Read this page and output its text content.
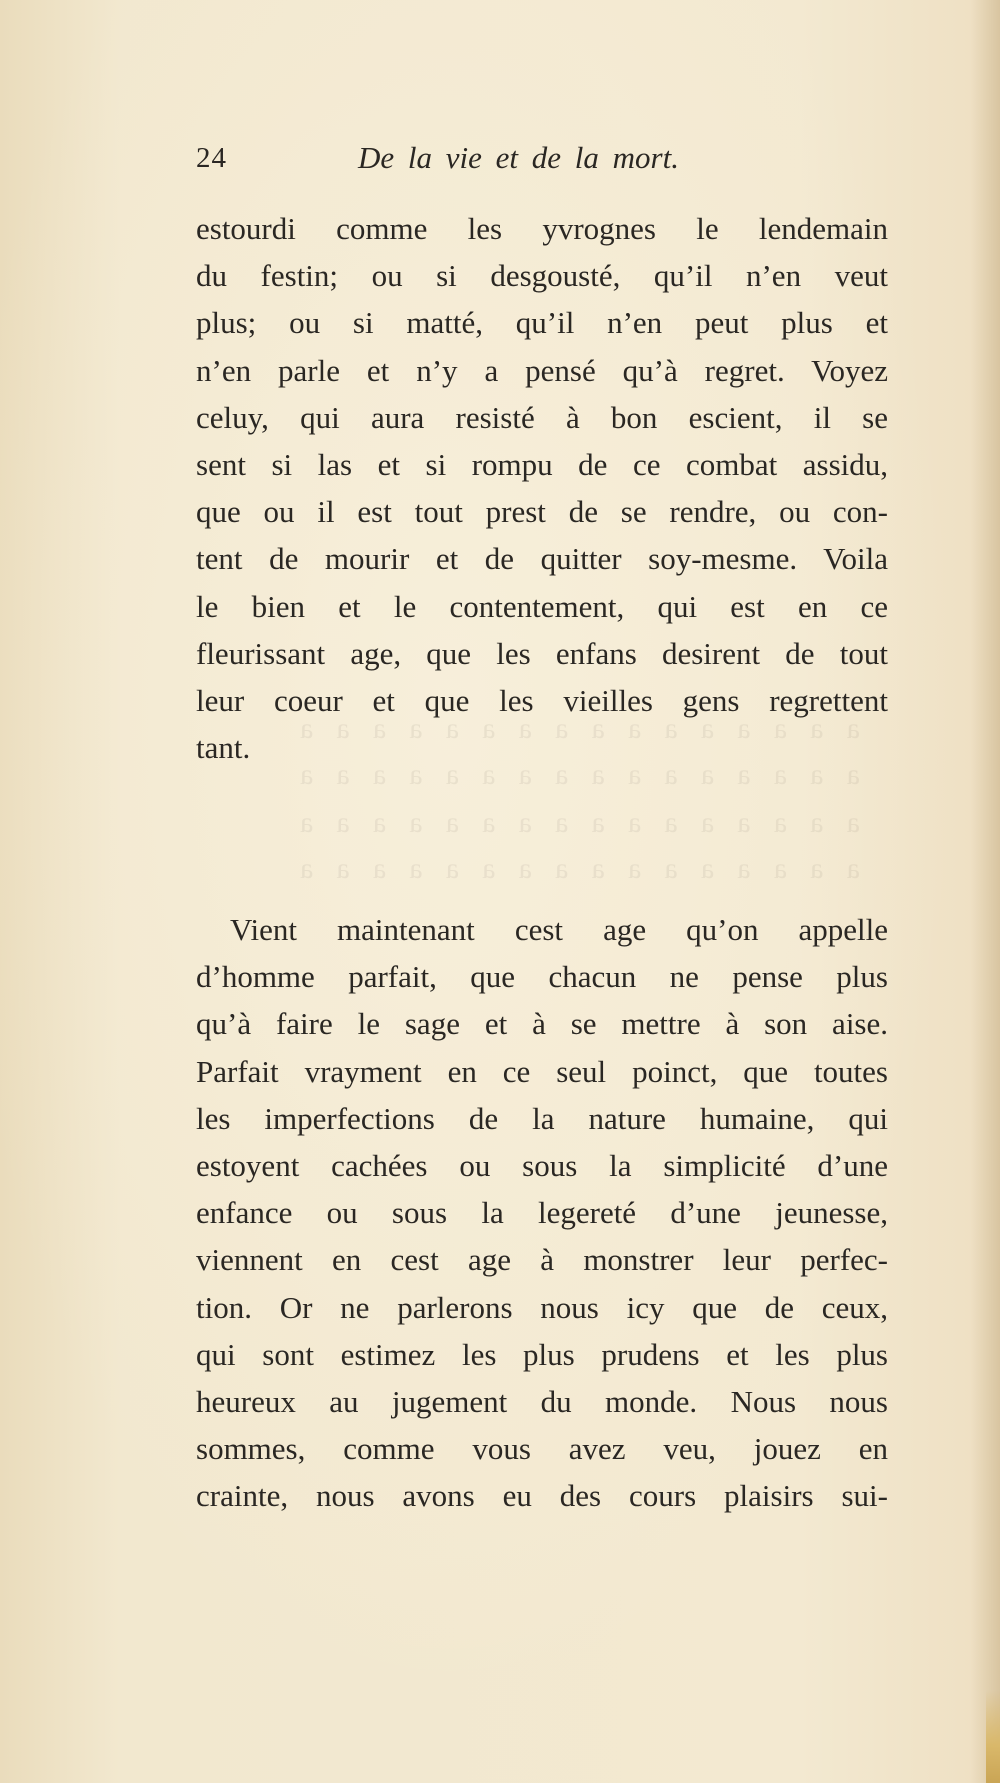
a a a a a a a a a a a a a a a a
a a a a a a a a a a a a a a a a
a a a a a a a a a a a a a a a a
a a a a a a a a a a a a a a a a
24	De la vie et de la mort.
estourdi comme les yvrognes le lendemain
du festin; ou si desgousté, qu’il n’en veut
plus; ou si matté, qu’il n’en peut plus et
n’en parle et n’y a pensé qu’à regret. Voyez
celuy, qui aura resisté à bon escient, il se
sent si las et si rompu de ce combat assidu,
que ou il est tout prest de se rendre, ou con-
tent de mourir et de quitter soy-mesme. Voila
le bien et le contentement, qui est en ce
fleurissant age, que les enfans desirent de tout
leur coeur et que les vieilles gens regrettent
tant.
Vient maintenant cest age qu’on appelle
d’homme parfait, que chacun ne pense plus
qu’à faire le sage et à se mettre à son aise.
Parfait vrayment en ce seul poinct, que toutes
les imperfections de la nature humaine, qui
estoyent cachées ou sous la simplicité d’une
enfance ou sous la legereté d’une jeunesse,
viennent en cest age à monstrer leur perfec-
tion. Or ne parlerons nous icy que de ceux,
qui sont estimez les plus prudens et les plus
heureux au jugement du monde. Nous nous
sommes, comme vous avez veu, jouez en
crainte, nous avons eu des cours plaisirs sui-
